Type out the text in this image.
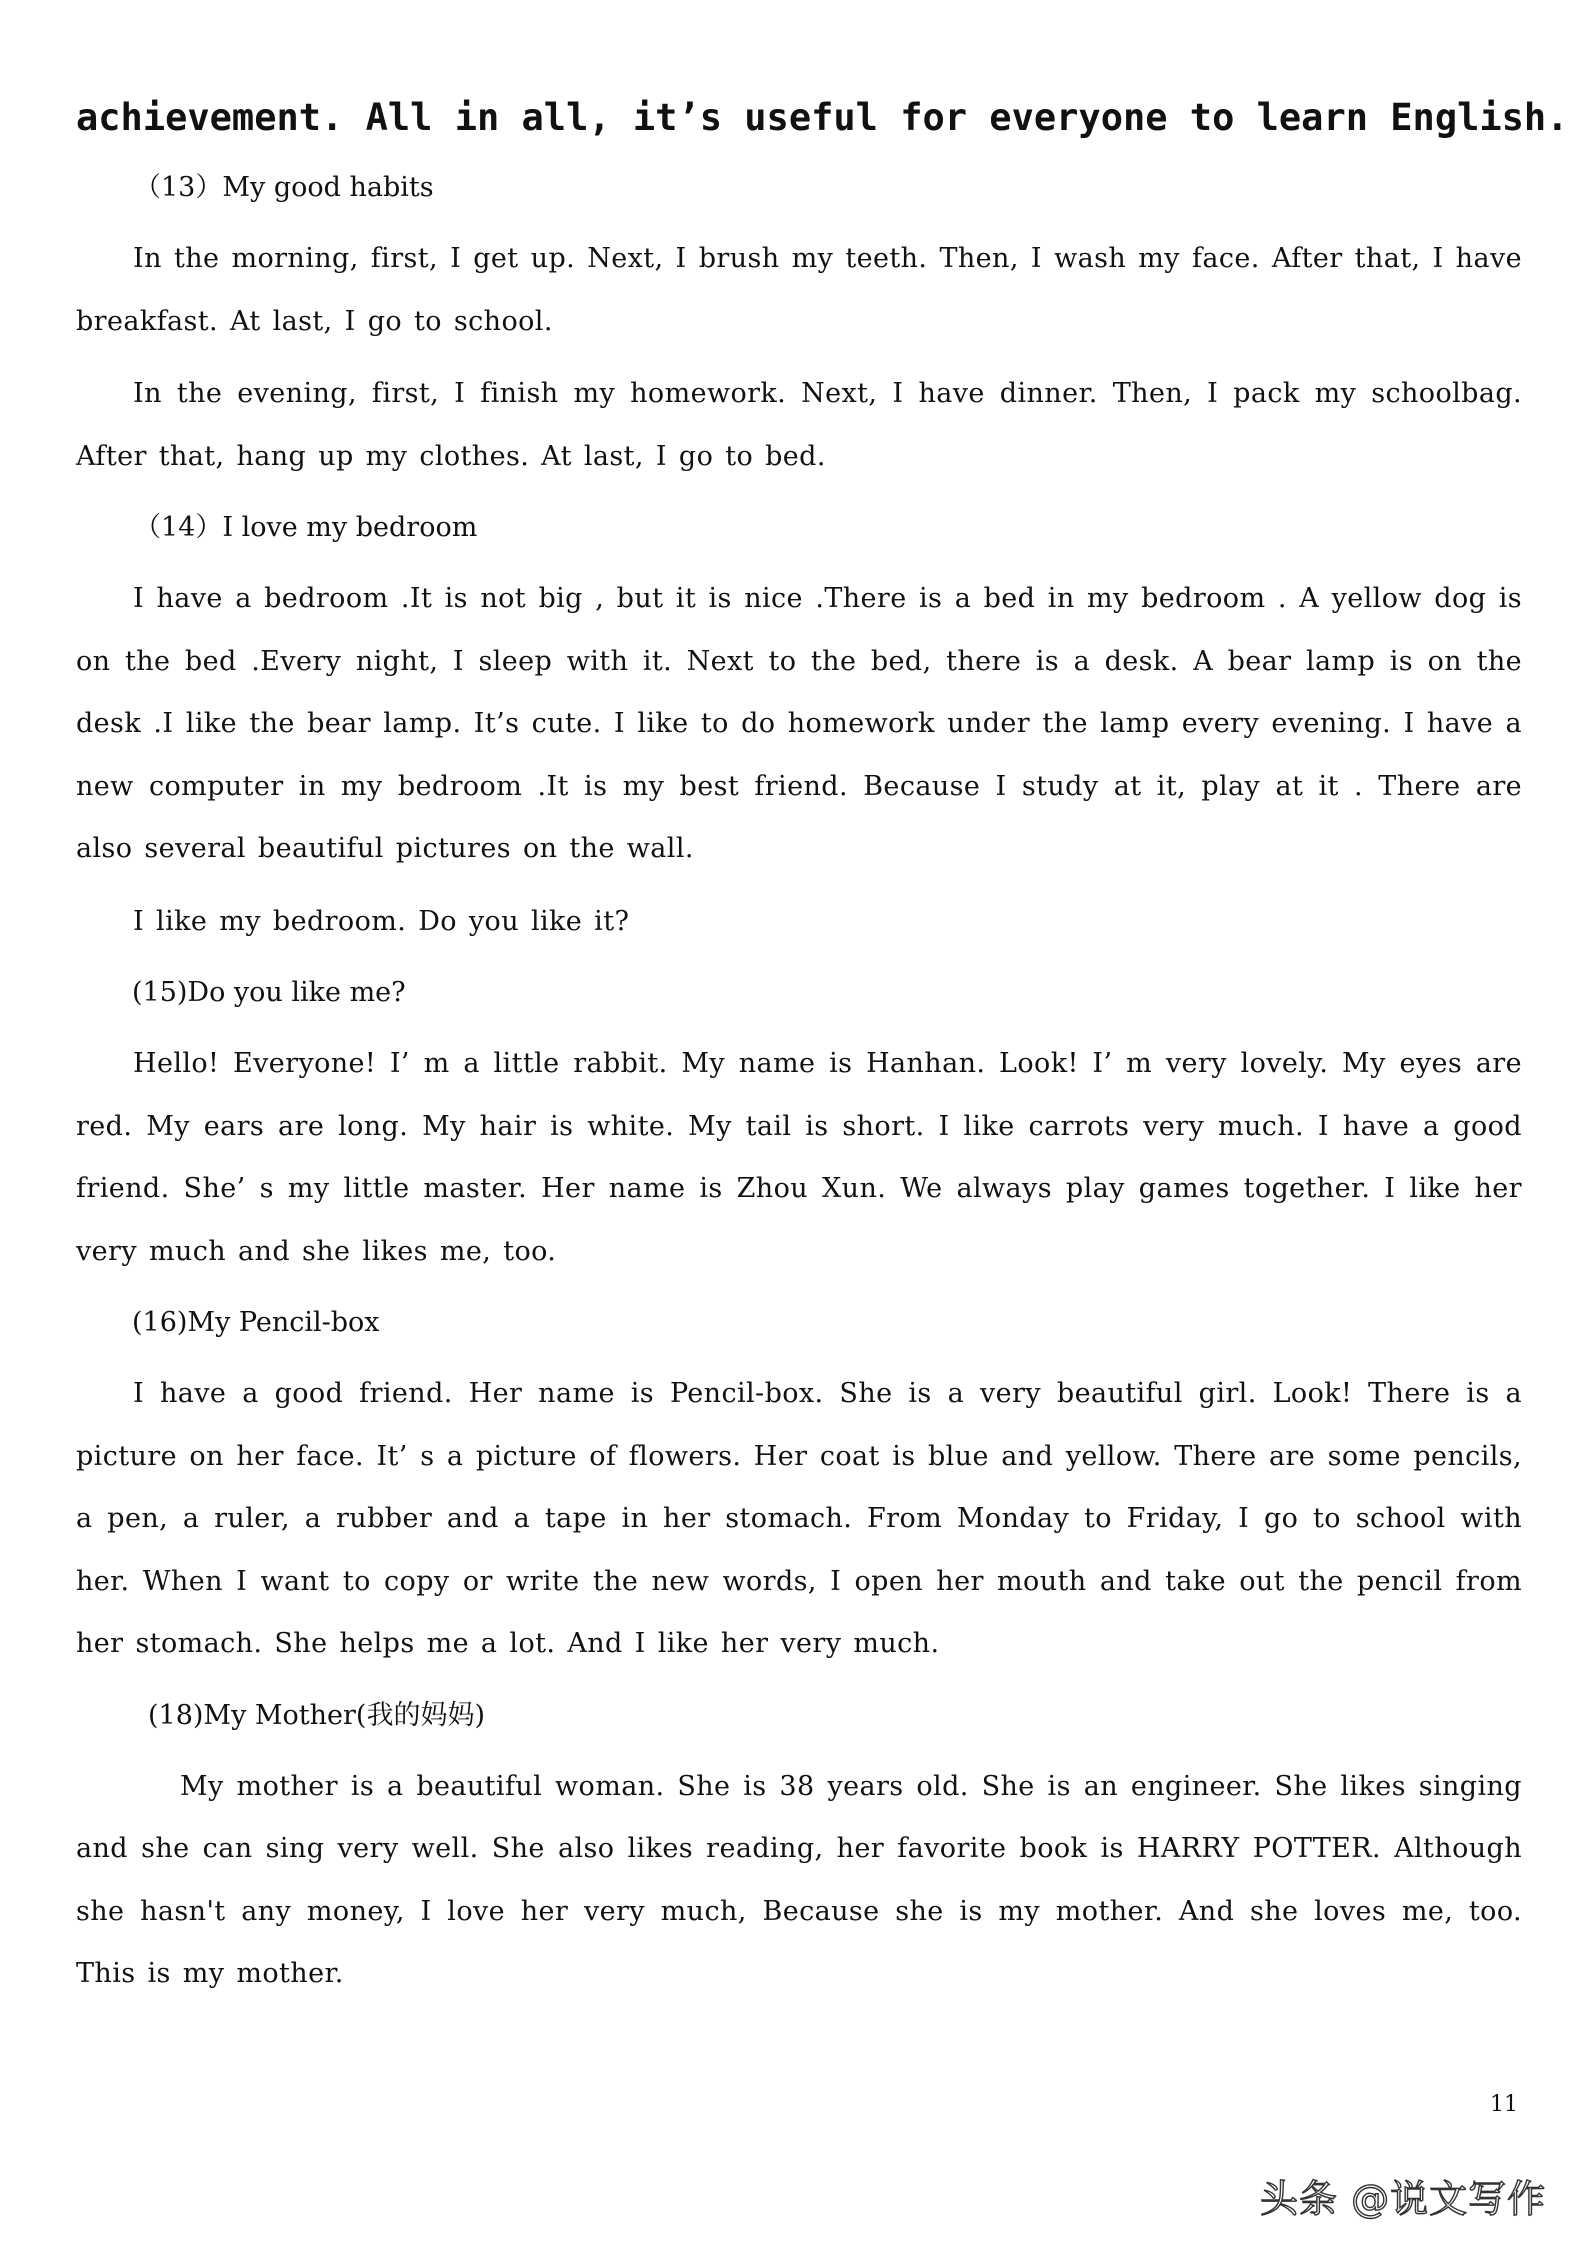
achievement. All in all, it’s useful for everyone to learn English.

（13）My good habits

In the morning, first, I get up. Next, I brush my teeth. Then, I wash my face. After that, I have breakfast. At last, I go to school.

In the evening, first, I finish my homework. Next, I have dinner. Then, I pack my schoolbag. After that, hang up my clothes. At last, I go to bed.

（14）I love my bedroom

I have a bedroom .It is not big , but it is nice .There is a bed in my bedroom . A yellow dog is on the bed .Every night, I sleep with it. Next to the bed, there is a desk. A bear lamp is on the desk .I like the bear lamp. It’s cute. I like to do homework under the lamp every evening. I have a new computer in my bedroom .It is my best friend. Because I study at it, play at it . There are also several beautiful pictures on the wall.

I like my bedroom. Do you like it?

(15)Do you like me?

Hello! Everyone! I’ m a little rabbit. My name is Hanhan. Look! I’ m very lovely. My eyes are red. My ears are long. My hair is white. My tail is short. I like carrots very much. I have a good friend. She’ s my little master. Her name is Zhou Xun. We always play games together. I like her very much and she likes me, too.

(16)My Pencil-box

I have a good friend. Her name is Pencil-box. She is a very beautiful girl. Look! There is a picture on her face. It’ s a picture of flowers. Her coat is blue and yellow. There are some pencils, a pen, a ruler, a rubber and a tape in her stomach. From Monday to Friday, I go to school with her. When I want to copy or write the new words, I open her mouth and take out the pencil from her stomach. She helps me a lot. And I like her very much.

(18)My Mother(我的妈妈)

My mother is a beautiful woman. She is 38 years old. She is an engineer. She likes singing and she can sing very well. She also likes reading, her favorite book is HARRY POTTER. Although she hasn't any money, I love her very much, Because she is my mother. And she loves me, too. This is my mother.

11
头条 @说文写作
